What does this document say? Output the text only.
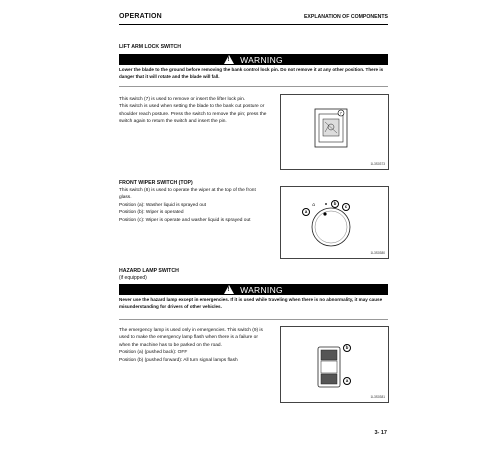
OPERATION	EXPLANATION OF COMPONENTS
LIFT ARM LOCK SWITCH
! WARNING
Lower the blade to the ground before removing the bank control lock pin. Do not remove it at any other position. There is danger that it will rotate and the blade will fall.

This switch (7) is used to remove or insert the lifter lock pin.

This switch is used when setting the blade to the bank cut posture or shoulder reach posture. Press the switch to remove the pin; press the switch again to return the switch and insert the pin.

7
1L3S0373
FRONT WIPER SWITCH (TOP)

This switch (8) is used to operate the wiper at the top of the front glass.

Position (a): Washer liquid is sprayed out

Position (b): Wiper is operated

Position (c): Wiper is operate and washer liquid is sprayed out

⌂	b
c
a
1L3S0380
HAZARD LAMP SWITCH
(if equipped)
! WARNING
Never use the hazard lamp except in emergencies. If it is used while traveling when there is no abnormality, it may cause misunderstanding for drivers of other vehicles.

The emergency lamp is used only in emergencies. This switch (9) is used to make the emergency lamp flash when there is a failure or when the machine has to be parked on the road.

Position (a) (pushed back): OFF

Position (b) (pushed forward): All turn signal lamps flash

b
a
1L3S0381
3- 17
